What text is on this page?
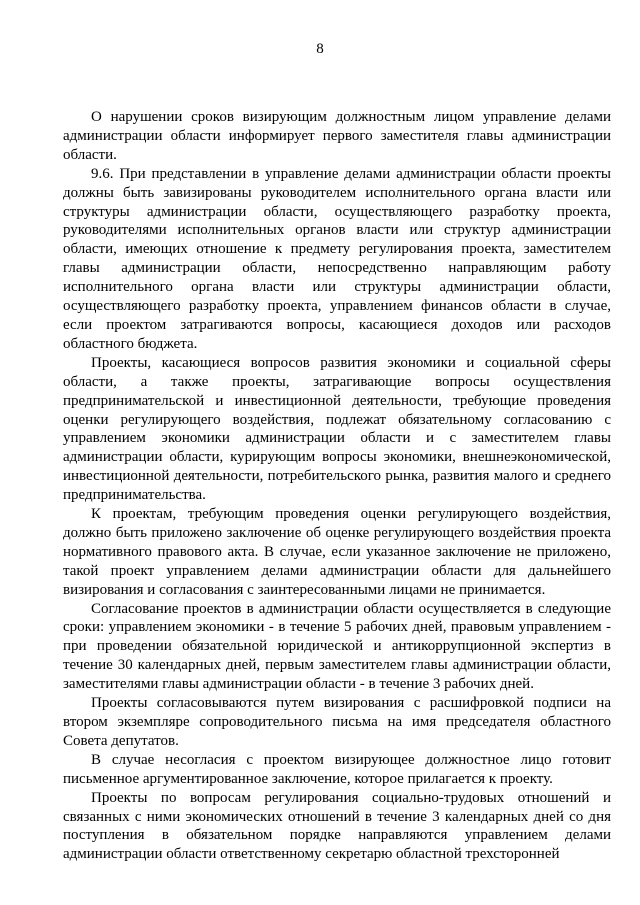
8

О нарушении сроков визирующим должностным лицом управление делами администрации области информирует первого заместителя главы администрации области.

9.6. При представлении в управление делами администрации области проекты должны быть завизированы руководителем исполнительного органа власти или структуры администрации области, осуществляющего разработку проекта, руководителями исполнительных органов власти или структур администрации области, имеющих отношение к предмету регулирования проекта, заместителем главы администрации области, непосредственно направляющим работу исполнительного органа власти или структуры администрации области, осуществляющего разработку проекта, управлением финансов области в случае, если проектом затрагиваются вопросы, касающиеся доходов или расходов областного бюджета.

Проекты, касающиеся вопросов развития экономики и социальной сферы области, а также проекты, затрагивающие вопросы осуществления предпринимательской и инвестиционной деятельности, требующие проведения оценки регулирующего воздействия, подлежат обязательному согласованию с управлением экономики администрации области и с заместителем главы администрации области, курирующим вопросы экономики, внешнеэкономической, инвестиционной деятельности, потребительского рынка, развития малого и среднего предпринимательства.

К проектам, требующим проведения оценки регулирующего воздействия, должно быть приложено заключение об оценке регулирующего воздействия проекта нормативного правового акта. В случае, если указанное заключение не приложено, такой проект управлением делами администрации области для дальнейшего визирования и согласования с заинтересованными лицами не принимается.

Согласование проектов в администрации области осуществляется в следующие сроки: управлением экономики - в течение 5 рабочих дней, правовым управлением - при проведении обязательной юридической и антикоррупционной экспертиз в течение 30 календарных дней, первым заместителем главы администрации области, заместителями главы администрации области - в течение 3 рабочих дней.

Проекты согласовываются путем визирования с расшифровкой подписи на втором экземпляре сопроводительного письма на имя председателя областного Совета депутатов.

В случае несогласия с проектом визирующее должностное лицо готовит письменное аргументированное заключение, которое прилагается к проекту.

Проекты по вопросам регулирования социально-трудовых отношений и связанных с ними экономических отношений в течение 3 календарных дней со дня поступления в обязательном порядке направляются управлением делами администрации области ответственному секретарю областной трехсторонней
